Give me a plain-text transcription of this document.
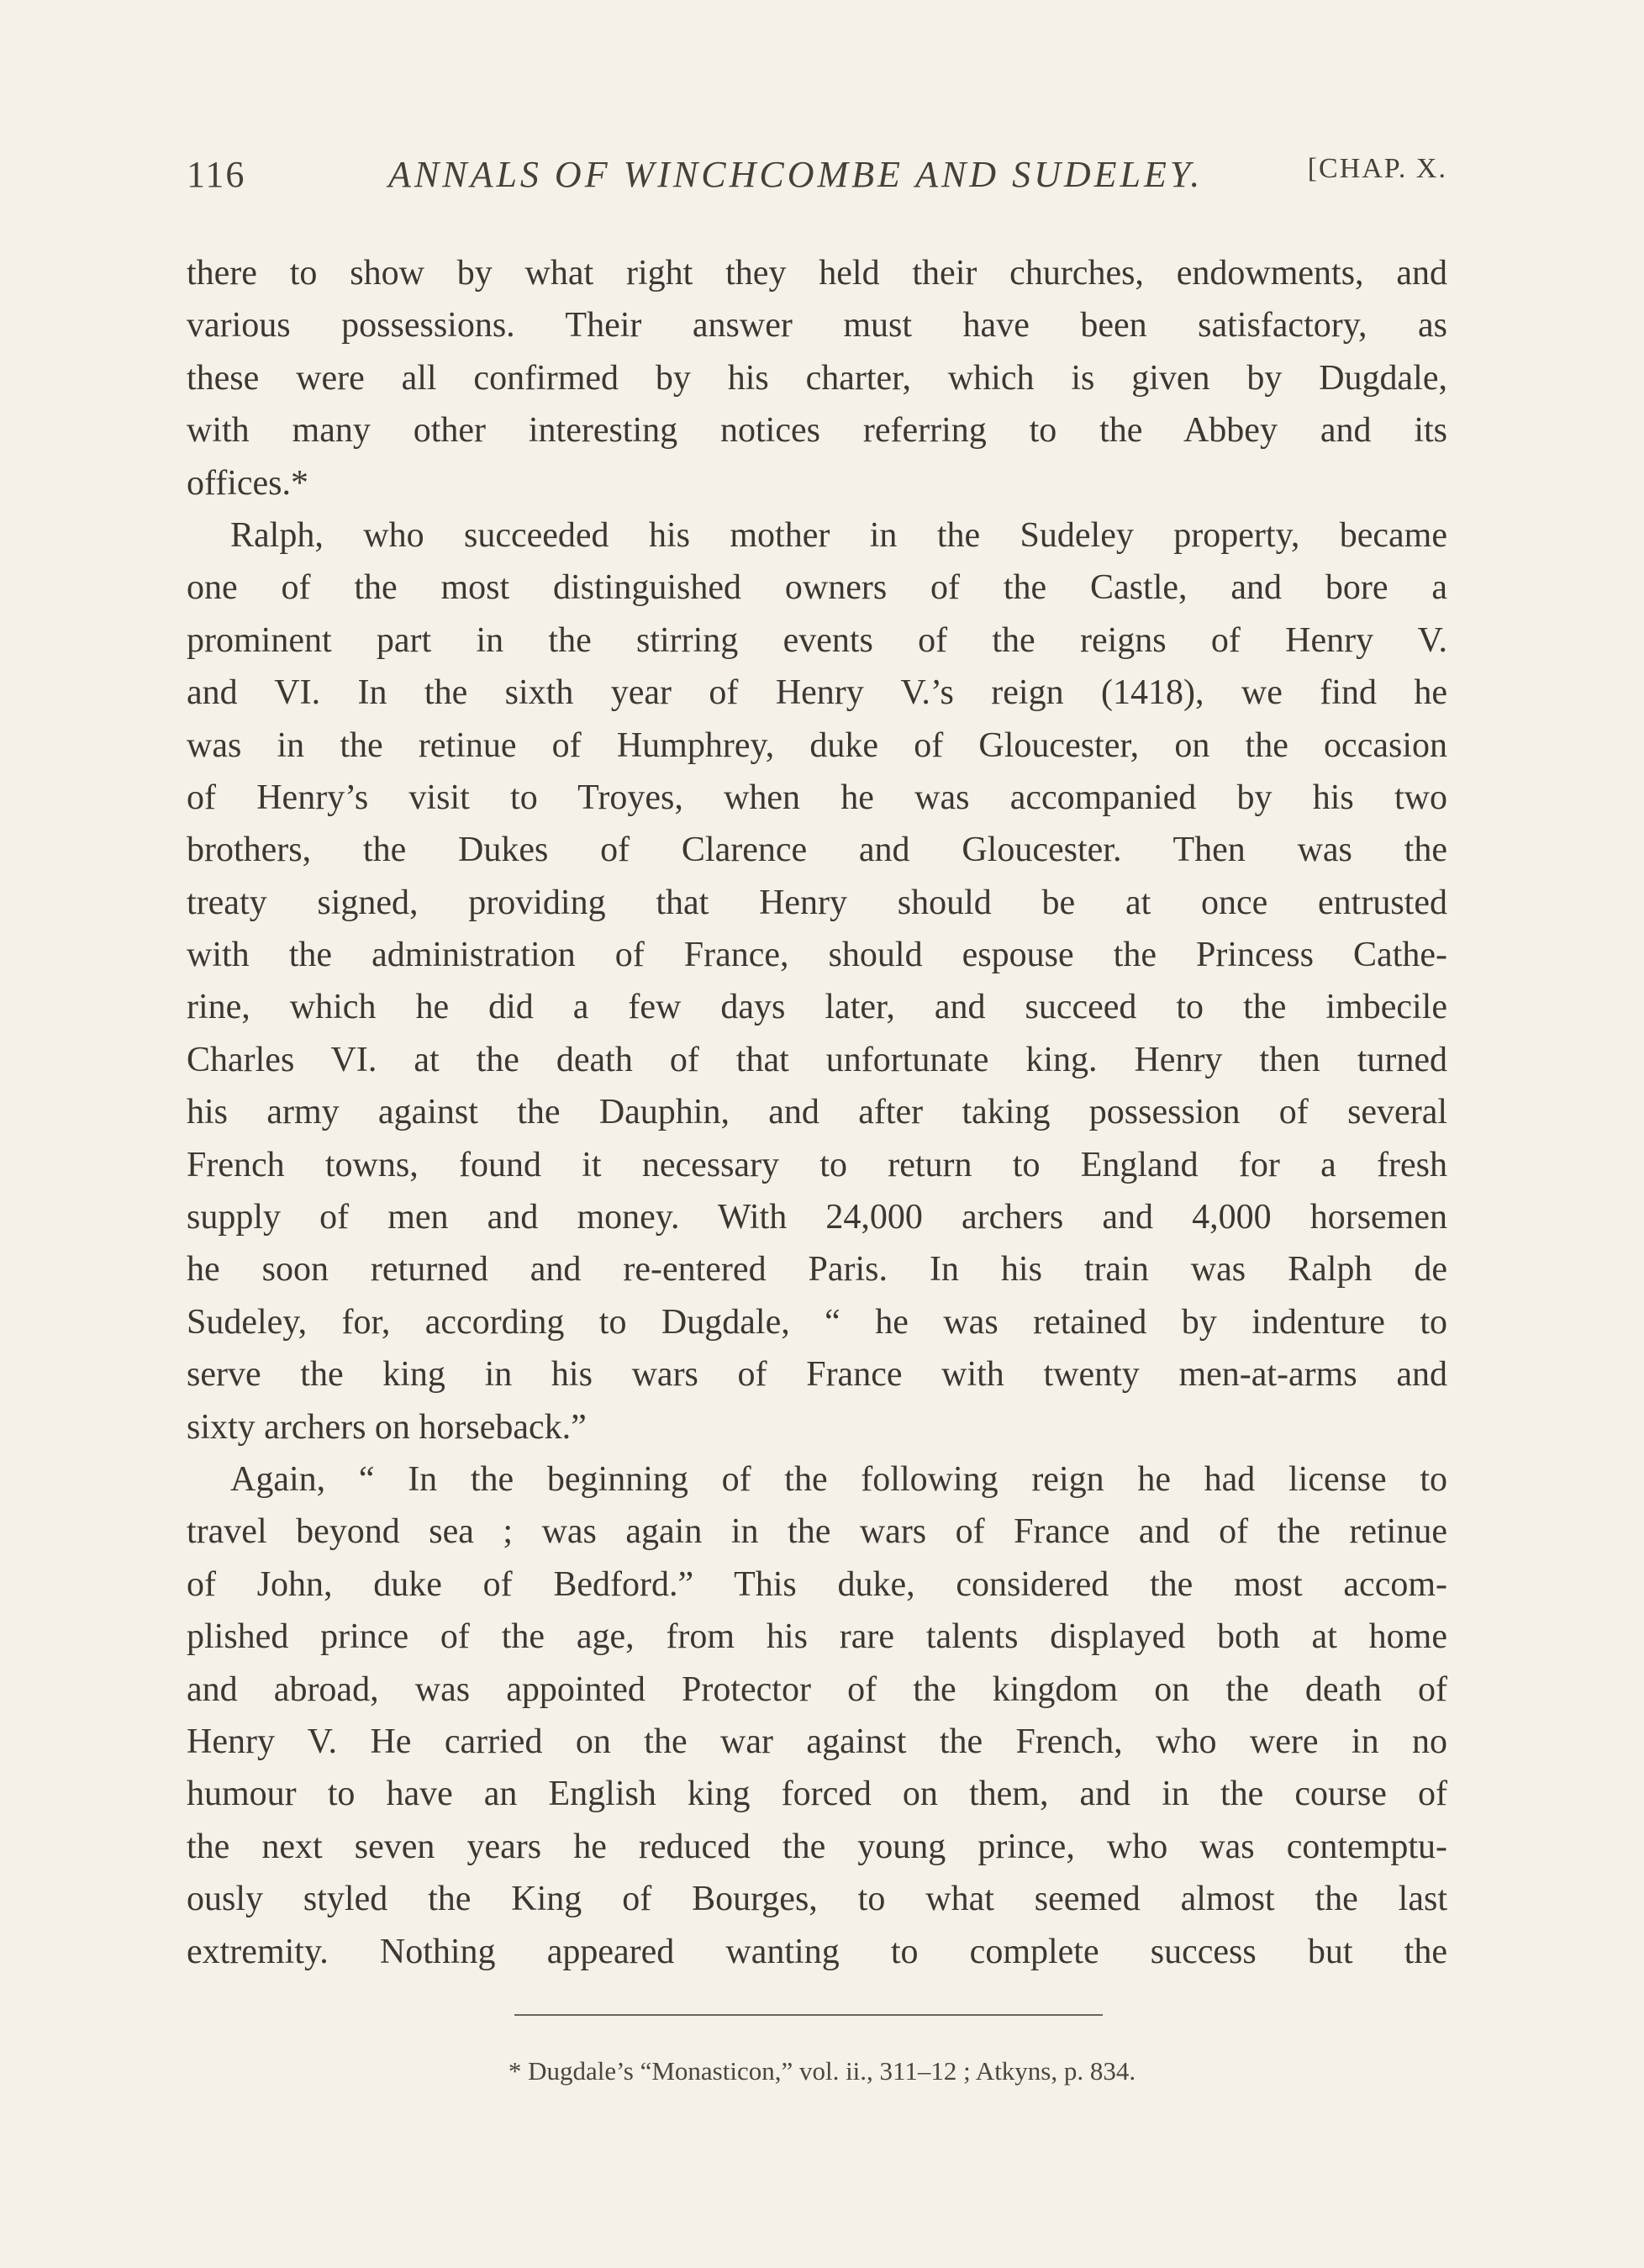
116	ANNALS OF WINCHCOMBE AND SUDELEY.	[CHAP. X.
there to show by what right they held their churches, endowments, and
various possessions. Their answer must have been satisfactory, as
these were all confirmed by his charter, which is given by Dugdale,
with many other interesting notices referring to the Abbey and its
offices.*
Ralph, who succeeded his mother in the Sudeley property, became
one of the most distinguished owners of the Castle, and bore a
prominent part in the stirring events of the reigns of Henry V.
and VI. In the sixth year of Henry V.’s reign (1418), we find he
was in the retinue of Humphrey, duke of Gloucester, on the occasion
of Henry’s visit to Troyes, when he was accompanied by his two
brothers, the Dukes of Clarence and Gloucester. Then was the
treaty signed, providing that Henry should be at once entrusted
with the administration of France, should espouse the Princess Cathe-
rine, which he did a few days later, and succeed to the imbecile
Charles VI. at the death of that unfortunate king. Henry then turned
his army against the Dauphin, and after taking possession of several
French towns, found it necessary to return to England for a fresh
supply of men and money. With 24,000 archers and 4,000 horsemen
he soon returned and re-entered Paris. In his train was Ralph de
Sudeley, for, according to Dugdale, “ he was retained by indenture to
serve the king in his wars of France with twenty men-at-arms and
sixty archers on horseback.”
Again, “ In the beginning of the following reign he had license to
travel beyond sea ; was again in the wars of France and of the retinue
of John, duke of Bedford.” This duke, considered the most accom-
plished prince of the age, from his rare talents displayed both at home
and abroad, was appointed Protector of the kingdom on the death of
Henry V. He carried on the war against the French, who were in no
humour to have an English king forced on them, and in the course of
the next seven years he reduced the young prince, who was contemptu-
ously styled the King of Bourges, to what seemed almost the last
extremity. Nothing appeared wanting to complete success but the
* Dugdale’s “Monasticon,” vol. ii., 311–12 ; Atkyns, p. 834.
